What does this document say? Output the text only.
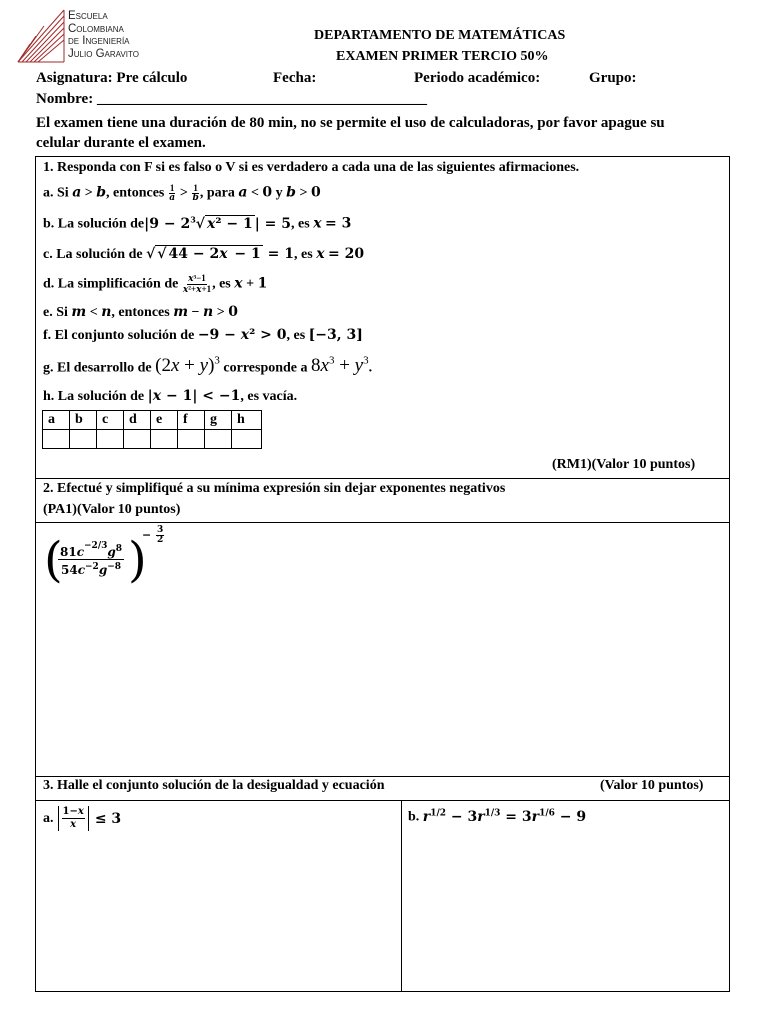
Escuela
Colombiana
de Ingeniería
Julio Garavito
DEPARTAMENTO DE MATEMÁTICAS
EXAMEN PRIMER TERCIO 50%
Asignatura: Pre cálculo	Fecha:	Periodo académico:	Grupo:
Nombre: ____________________________________________
El examen tiene una duración de 80 min, no se permite el uso de calculadoras, por favor apague su
celular durante el examen.
1. Responda con F si es falso o V si es verdadero a cada una de las siguientes afirmaciones.
a. Si a > b, entonces $\frac{1}{a} > \frac{1}{b}$ , para a < 0 y b > 0
b. La solución $de|9 - 2^3√$ x² − 1 | = 5, es x = 3
c. La solución de √ √ 44 − 2x − 1 = 1, es x = 20
d. La simplificación de $\frac{\text{x³−1}}{\text{x²+x+1}}$ , es x + 1
e. Si m < n, entonces m − n > 0
f. El conjunto solución de −9 − x² > 0, es [−3, 3]
g. El desarrollo de $(2x + y)^3$ corresponde a $8x^3 + y^3$.
h. La solución de |x − 1| < −1, es vacía.
a	b	c	d	e	f	g	h

(RM1)(Valor 10 puntos)
2. Efectué y simplifiqué a su mínima expresión sin dejar exponentes negativos
(PA1)(Valor 10 puntos)
(
$81c^{-2/3}g^8$
$54c^{-2}g^{-8}$ )
− $\frac{3}{2}$
3. Halle el conjunto solución de la desigualdad y ecuación	(Valor 10 puntos)
a. $\frac{1-x}{x} \le 3$	b. $r^{1/2} - 3r^{1/3} = 3r^{1/6} - 9$
